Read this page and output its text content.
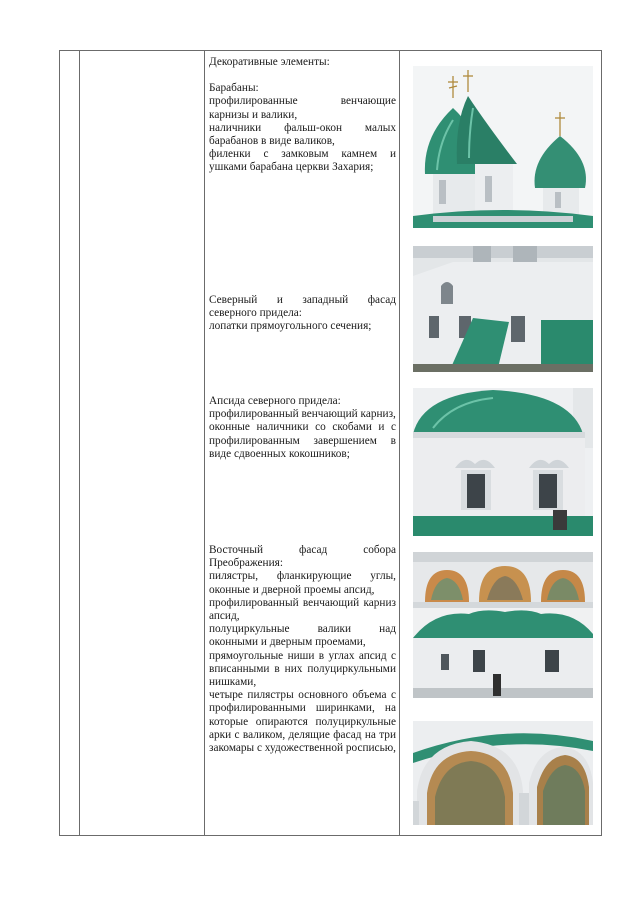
Декоративные элементы:

Барабаны:

профилированные венчающие карнизы и валики,

наличники фальш-окон малых барабанов в виде валиков,

филенки с замковым камнем и ушками барабана церкви Захария;

Северный и западный фасад северного придела:

лопатки прямоугольного сечения;

Апсида северного придела:

профилированный венчающий карниз,

оконные наличники со скобами и с профилированным завершением в виде сдвоенных кокошников;

Восточный фасад собора Преображения:

пилястры, фланкирующие углы, оконные и дверной проемы апсид,

профилированный венчающий карниз апсид,

полуциркульные валики над оконными и дверным проемами,

прямоугольные ниши в углах апсид с вписанными в них полуциркульными нишками,

четыре пилястры основного объема с профилированными ширинками, на которые опираются полуциркульные арки с валиком, делящие фасад на три закомары с художественной росписью,
